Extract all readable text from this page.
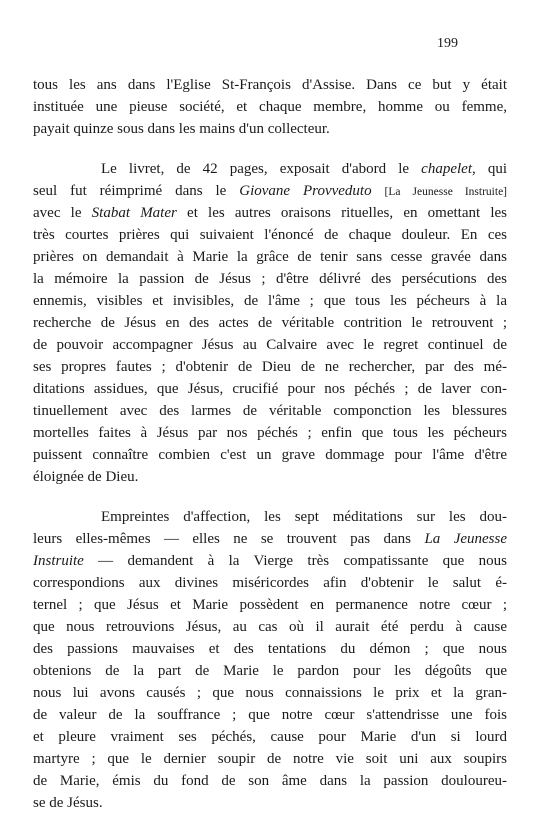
199
tous les ans dans l'Eglise St-François d'Assise. Dans ce but y était
instituée une pieuse société, et chaque membre, homme ou femme,
payait quinze sous dans les mains d'un collecteur.
Le livret, de 42 pages, exposait d'abord le chapelet, qui
seul fut réimprimé dans le Giovane Provveduto [La Jeunesse Instruite]
avec le Stabat Mater et les autres oraisons rituelles, en omettant les
très courtes prières qui suivaient l'énoncé de chaque douleur. En ces
prières on demandait à Marie la grâce de tenir sans cesse gravée dans
la mémoire la passion de Jésus ; d'être délivré des persécutions des
ennemis, visibles et invisibles, de l'âme ; que tous les pécheurs à la
recherche de Jésus en des actes de véritable contrition le retrouvent ;
de pouvoir accompagner Jésus au Calvaire avec le regret continuel de
ses propres fautes ; d'obtenir de Dieu de ne rechercher, par des mé-
ditations assidues, que Jésus, crucifié pour nos péchés ; de laver con-
tinuellement avec des larmes de véritable componction les blessures
mortelles faites à Jésus par nos péchés ; enfin que tous les pécheurs
puissent connaître combien c'est un grave dommage pour l'âme d'être
éloignée de Dieu.
Empreintes d'affection, les sept méditations sur les dou-
leurs elles-mêmes — elles ne se trouvent pas dans La Jeunesse
Instruite — demandent à la Vierge très compatissante que nous
correspondions aux divines miséricordes afin d'obtenir le salut é-
ternel ; que Jésus et Marie possèdent en permanence notre cœur ;
que nous retrouvions Jésus, au cas où il aurait été perdu à cause
des passions mauvaises et des tentations du démon ; que nous
obtenions de la part de Marie le pardon pour les dégoûts que
nous lui avons causés ; que nous connaissions le prix et la gran-
de valeur de la souffrance ; que notre cœur s'attendrisse une fois
et pleure vraiment ses péchés, cause pour Marie d'un si lourd
martyre ; que le dernier soupir de notre vie soit uni aux soupirs
de Marie, émis du fond de son âme dans la passion douloureu-
se de Jésus.
